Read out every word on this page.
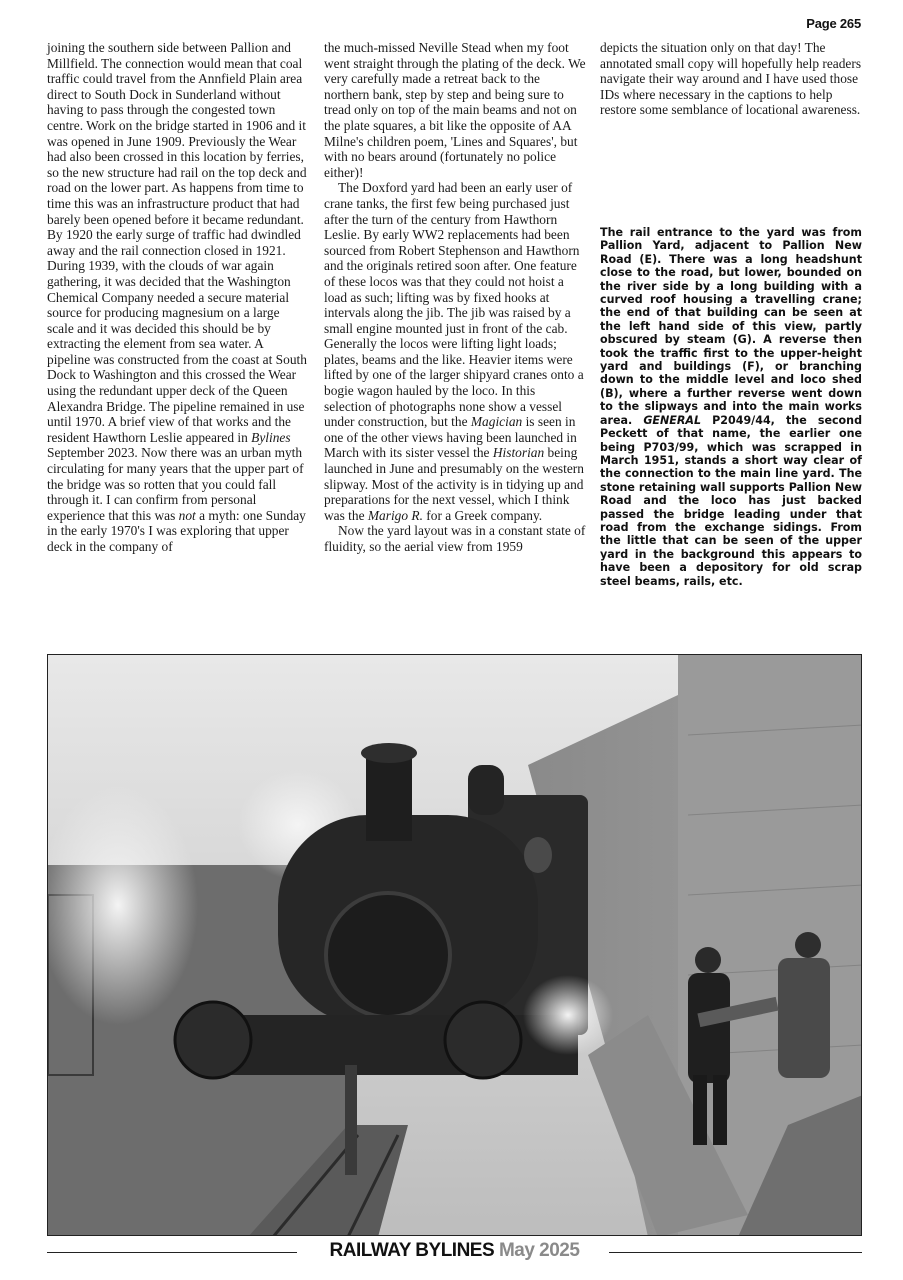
Page 265

joining the southern side between Pallion and Millfield. The connection would mean that coal traffic could travel from the Annfield Plain area direct to South Dock in Sunderland without having to pass through the congested town centre. Work on the bridge started in 1906 and it was opened in June 1909. Previously the Wear had also been crossed in this location by ferries, so the new structure had rail on the top deck and road on the lower part. As happens from time to time this was an infrastructure product that had barely been opened before it became redundant. By 1920 the early surge of traffic had dwindled away and the rail connection closed in 1921. During 1939, with the clouds of war again gathering, it was decided that the Washington Chemical Company needed a secure material source for producing magnesium on a large scale and it was decided this should be by extracting the element from sea water. A pipeline was constructed from the coast at South Dock to Washington and this crossed the Wear using the redundant upper deck of the Queen Alexandra Bridge. The pipeline remained in use until 1970. A brief view of that works and the resident Hawthorn Leslie appeared in Bylines September 2023. Now there was an urban myth circulating for many years that the upper part of the bridge was so rotten that you could fall through it. I can confirm from personal experience that this was not a myth: one Sunday in the early 1970's I was exploring that upper deck in the company of

the much-missed Neville Stead when my foot went straight through the plating of the deck. We very carefully made a retreat back to the northern bank, step by step and being sure to tread only on top of the main beams and not on the plate squares, a bit like the opposite of AA Milne's children poem, 'Lines and Squares', but with no bears around (fortunately no police either)!

The Doxford yard had been an early user of crane tanks, the first few being purchased just after the turn of the century from Hawthorn Leslie. By early WW2 replacements had been sourced from Robert Stephenson and Hawthorn and the originals retired soon after. One feature of these locos was that they could not hoist a load as such; lifting was by fixed hooks at intervals along the jib. The jib was raised by a small engine mounted just in front of the cab. Generally the locos were lifting light loads; plates, beams and the like. Heavier items were lifted by one of the larger shipyard cranes onto a bogie wagon hauled by the loco. In this selection of photographs none show a vessel under construction, but the Magician is seen in one of the other views having been launched in March with its sister vessel the Historian being launched in June and presumably on the western slipway. Most of the activity is in tidying up and preparations for the next vessel, which I think was the Marigo R. for a Greek company.

Now the yard layout was in a constant state of fluidity, so the aerial view from 1959

depicts the situation only on that day! The annotated small copy will hopefully help readers navigate their way around and I have used those IDs where necessary in the captions to help restore some semblance of locational awareness.

The rail entrance to the yard was from Pallion Yard, adjacent to Pallion New Road (E). There was a long headshunt close to the road, but lower, bounded on the river side by a long building with a curved roof housing a travelling crane; the end of that building can be seen at the left hand side of this view, partly obscured by steam (G). A reverse then took the traffic first to the upper-height yard and buildings (F), or branching down to the middle level and loco shed (B), where a further reverse went down to the slipways and into the main works area. GENERAL P2049/44, the second Peckett of that name, the earlier one being P703/99, which was scrapped in March 1951, stands a short way clear of the connection to the main line yard. The stone retaining wall supports Pallion New Road and the loco has just backed passed the bridge leading under that road from the exchange sidings. From the little that can be seen of the upper yard in the background this appears to have been a depository for old scrap steel beams, rails, etc.
RAILWAY BYLINES May 2025
